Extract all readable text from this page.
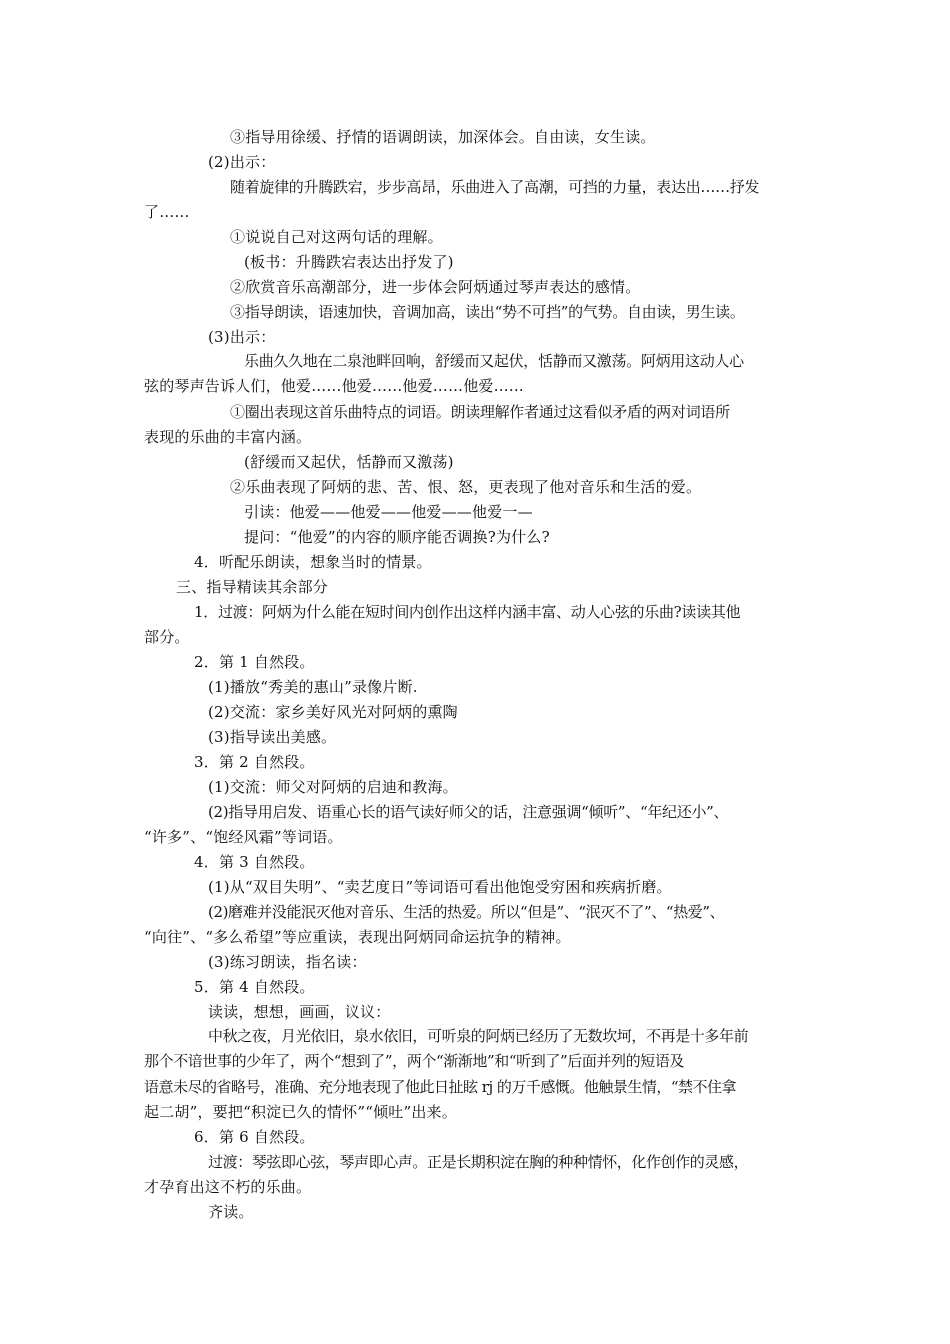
③指导用徐缓、抒情的语调朗读，加深体会。自由读，女生读。
(2)出示：
随着旋律的升腾跌宕，步步高昂，乐曲进入了高潮，可挡的力量，表达出……抒发
了……
①说说自己对这两句话的理解。
(板书：升腾跌宕表达出抒发了)
②欣赏音乐高潮部分，进一步体会阿炳通过琴声表达的感情。
③指导朗读，语速加快，音调加高，读出“势不可挡”的气势。自由读，男生读。
(3)出示：
乐曲久久地在二泉池畔回响，舒缓而又起伏，恬静而又激荡。阿炳用这动人心
弦的琴声告诉人们，他爱……他爱……他爱……他爱……
①圈出表现这首乐曲特点的词语。朗读理解作者通过这看似矛盾的两对词语所
表现的乐曲的丰富内涵。
(舒缓而又起伏，恬静而又激荡)
②乐曲表现了阿炳的悲、苦、恨、怒，更表现了他对音乐和生活的爱。
引读：他爱——他爱——他爱——他爱一—
提问：“他爱”的内容的顺序能否调换?为什么?
4．听配乐朗读，想象当时的情景。
三、指导精读其余部分
1．过渡：阿炳为什么能在短时间内创作出这样内涵丰富、动人心弦的乐曲?读读其他
部分。
2．第 1 自然段。
(1)播放“秀美的惠山”录像片断.
(2)交流：家乡美好风光对阿炳的熏陶
(3)指导读出美感。
3．第 2 自然段。
(1)交流：师父对阿炳的启迪和教海。
(2)指导用启发、语重心长的语气读好师父的话，注意强调“倾听”、“年纪还小”、
“许多”、“饱经风霜”等词语。
4．第 3 自然段。
(1)从“双目失明”、“卖艺度日”等词语可看出他饱受穷困和疾病折磨。
(2)磨难并没能泯灭他对音乐、生活的热爱。所以“但是”、“泯灭不了”、“热爱”、
“向往”、“多么希望”等应重读，表现出阿炳同命运抗争的精神。
(3)练习朗读，指名读：
5．第 4 自然段。
读读，想想，画画，议议：
中秋之夜，月光依旧，泉水依旧，可听泉的阿炳已经历了无数坎坷，不再是十多年前
那个不谙世事的少年了，两个“想到了”，两个“渐渐地”和“听到了”后面并列的短语及
语意未尽的省略号，准确、充分地表现了他此日扯眩 rj 的万千感慨。他触景生情，“禁不住拿
起二胡”，要把“积淀已久的情怀”“倾吐”出来。
6．第 6 自然段。
过渡：琴弦即心弦，琴声即心声。正是长期积淀在胸的种种情怀，化作创作的灵感，
才孕育出这不朽的乐曲。
齐读。
